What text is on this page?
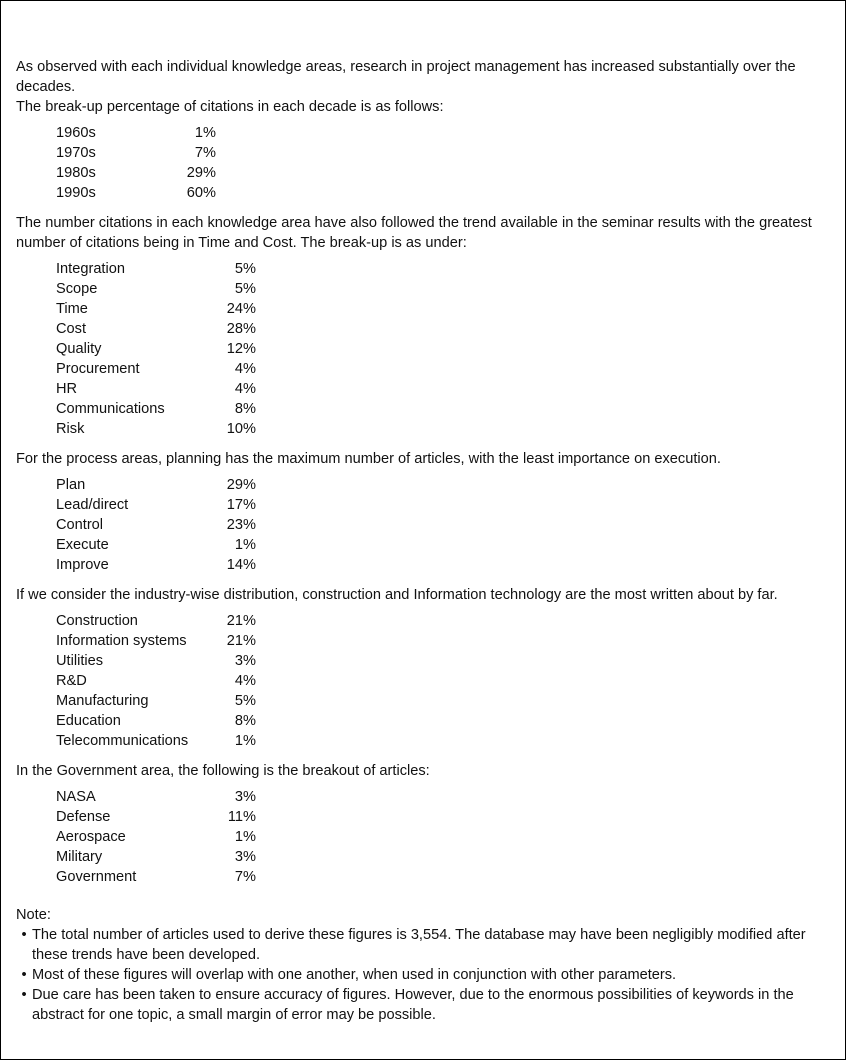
As observed with each individual knowledge areas, research in project management has increased substantially over the decades.

The break-up percentage of citations in each decade is as follows:

1960s	1%
1970s	7%
1980s	29%
1990s	60%

The number citations in each knowledge area have also followed the trend available in the seminar results with the greatest number of citations being in Time and Cost. The break-up is as under:

Integration	5%
Scope	5%
Time	24%
Cost	28%
Quality	12%
Procurement	4%
HR	4%
Communications	8%
Risk	10%

For the process areas, planning has the maximum number of articles, with the least importance on execution.

Plan	29%
Lead/direct	17%
Control	23%
Execute	1%
Improve	14%

If we consider the industry-wise distribution, construction and Information technology are the most written about by far.

Construction	21%
Information systems	21%
Utilities	3%
R&D	4%
Manufacturing	5%
Education	8%
Telecommunications	1%

In the Government area, the following is the breakout of articles:

NASA	3%
Defense	11%
Aerospace	1%
Military	3%
Government	7%

Note:

• The total number of articles used to derive these figures is 3,554. The database may have been negligibly modified after these trends have been developed.
• Most of these figures will overlap with one another, when used in conjunction with other parameters.
• Due care has been taken to ensure accuracy of figures. However, due to the enormous possibilities of keywords in the abstract for one topic, a small margin of error may be possible.
